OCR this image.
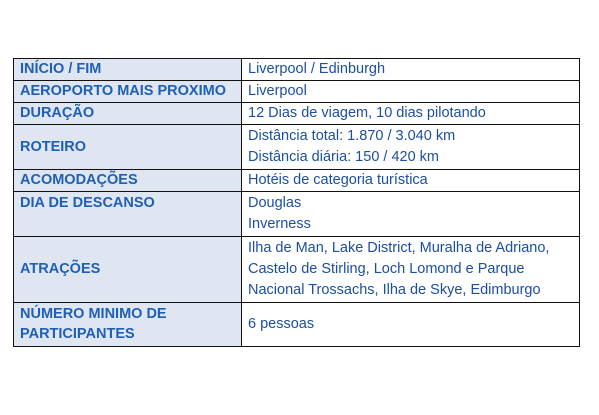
INÍCIO / FIM	Liverpool / Edinburgh

AEROPORTO MAIS PROXIMO	Liverpool

DURAÇÃO	12 Dias de viagem, 10 dias pilotando

ROTEIRO	Distância total: 1.870 / 3.040 km
Distância diária: 150 / 420 km

ACOMODAÇÕES	Hotéis de categoria turística

DIA DE DESCANSO	Douglas
Inverness

ATRAÇÕES	Ilha de Man, Lake District, Muralha de Adriano, Castelo de Stirling, Loch Lomond e Parque Nacional Trossachs, Ilha de Skye, Edimburgo

NÚMERO MINIMO DE PARTICIPANTES	6 pessoas
